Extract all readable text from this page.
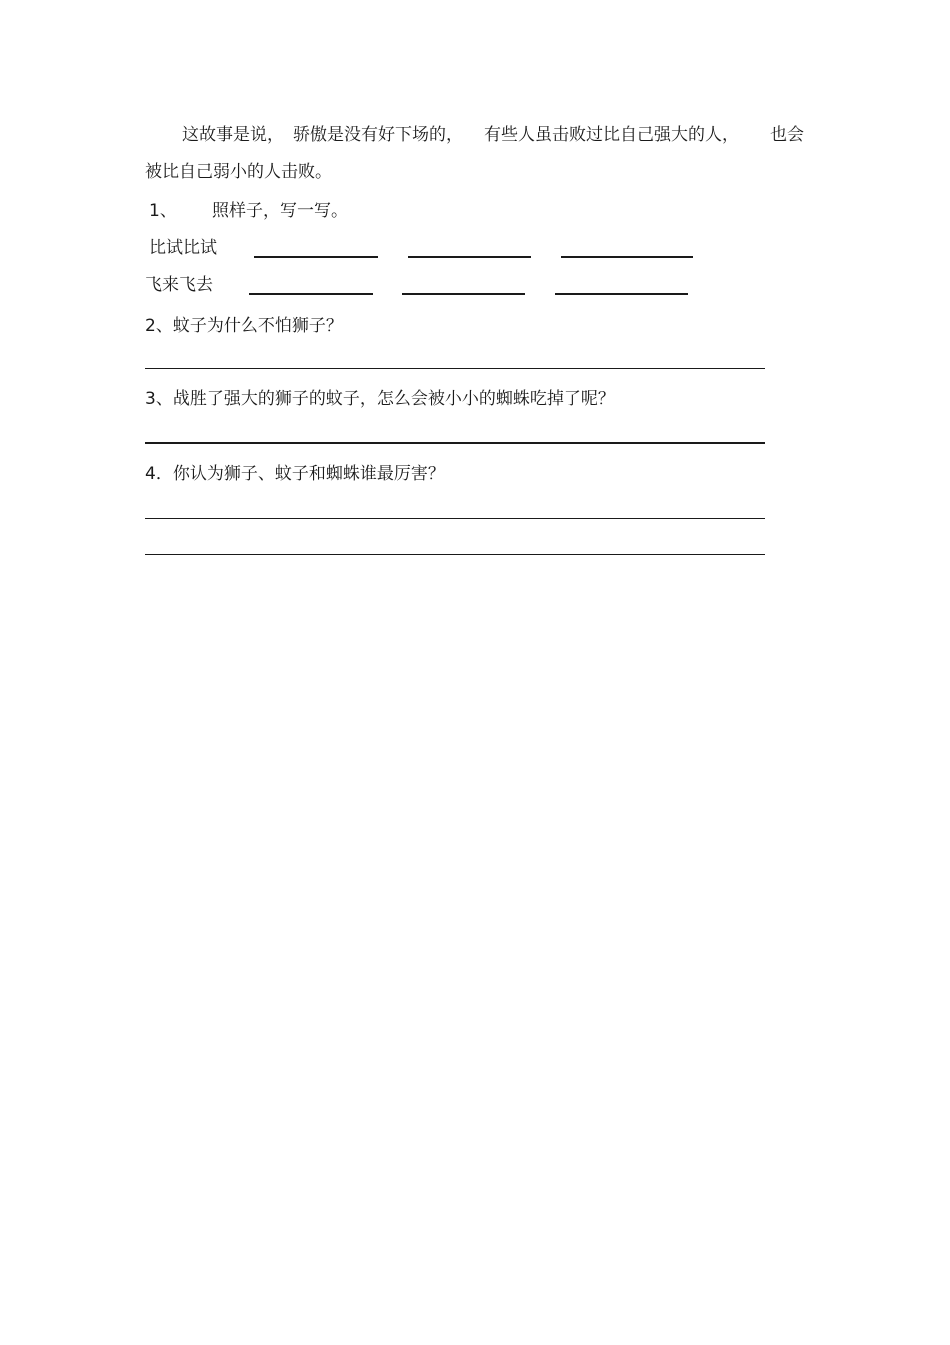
这故事是说， 骄傲是没有好下场的， 有些人虽击败过比自己强大的人， 也会
被比自己弱小的人击败。
1、 照样子，写一写。
比试比试
飞来飞去
2、蚊子为什么不怕狮子？
3、战胜了强大的狮子的蚊子，怎么会被小小的蜘蛛吃掉了呢？
4．你认为狮子、蚊子和蜘蛛谁最厉害？
